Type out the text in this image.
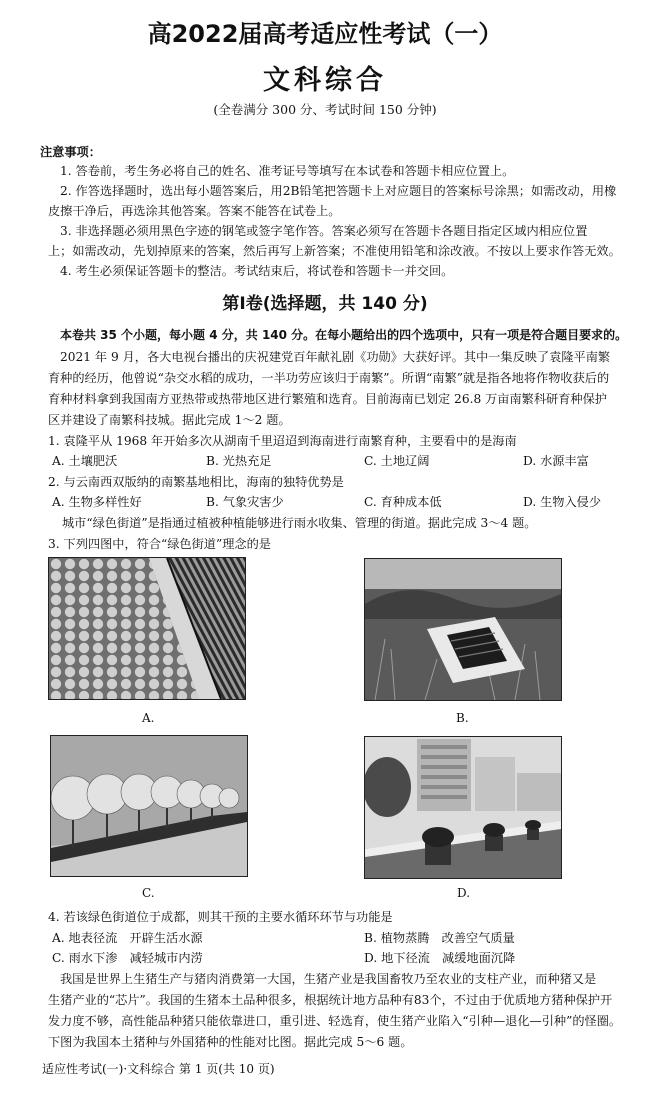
高2022届高考适应性考试（一）
文科综合
(全卷满分 300 分、考试时间 150 分钟)
注意事项：
1. 答卷前，考生务必将自己的姓名、准考证号等填写在本试卷和答题卡相应位置上。
2. 作答选择题时，选出每小题答案后，用2B铅笔把答题卡上对应题目的答案标号涂黑；如需改动，用橡
皮擦干净后，再选涂其他答案。答案不能答在试卷上。
3. 非选择题必须用黑色字迹的钢笔或签字笔作答。答案必须写在答题卡各题目指定区域内相应位置
上；如需改动，先划掉原来的答案，然后再写上新答案；不准使用铅笔和涂改液。不按以上要求作答无效。
4. 考生必须保证答题卡的整洁。考试结束后，将试卷和答题卡一并交回。
第Ⅰ卷(选择题，共 140 分)
本卷共 35 个小题，每小题 4 分，共 140 分。在每小题给出的四个选项中，只有一项是符合题目要求的。
2021 年 9 月，各大电视台播出的庆祝建党百年献礼剧《功勋》大获好评。其中一集反映了袁隆平南繁
育种的经历，他曾说“杂交水稻的成功，一半功劳应该归于南繁”。所谓“南繁”就是指各地将作物收获后的
育种材料拿到我国南方亚热带或热带地区进行繁殖和选育。目前海南已划定 26.8 万亩南繁科研育种保护
区并建设了南繁科技城。据此完成 1～2 题。
1. 袁隆平从 1968 年开始多次从湖南千里迢迢到海南进行南繁育种，主要看中的是海南
A. 土壤肥沃	B. 光热充足	C. 土地辽阔	D. 水源丰富
2. 与云南西双版纳的南繁基地相比，海南的独特优势是
A. 生物多样性好	B. 气象灾害少	C. 育种成本低	D. 生物入侵少
城市“绿色街道”是指通过植被种植能够进行雨水收集、管理的街道。据此完成 3～4 题。
3. 下列四图中，符合“绿色街道”理念的是
A.	B.
C.	D.
4. 若该绿色街道位于成都，则其干预的主要水循环环节与功能是
A. 地表径流　开辟生活水源	B. 植物蒸腾　改善空气质量
C. 雨水下渗　减轻城市内涝	D. 地下径流　减缓地面沉降
我国是世界上生猪生产与猪肉消费第一大国，生猪产业是我国畜牧乃至农业的支柱产业，而种猪又是
生猪产业的“芯片”。我国的生猪本土品种很多，根据统计地方品种有83个，不过由于优质地方猪种保护开
发力度不够，高性能品种猪只能依靠进口，重引进、轻选育，使生猪产业陷入“引种—退化—引种”的怪圈。
下图为我国本土猪种与外国猪种的性能对比图。据此完成 5～6 题。
适应性考试(一)·文科综合 第 1 页(共 10 页)
